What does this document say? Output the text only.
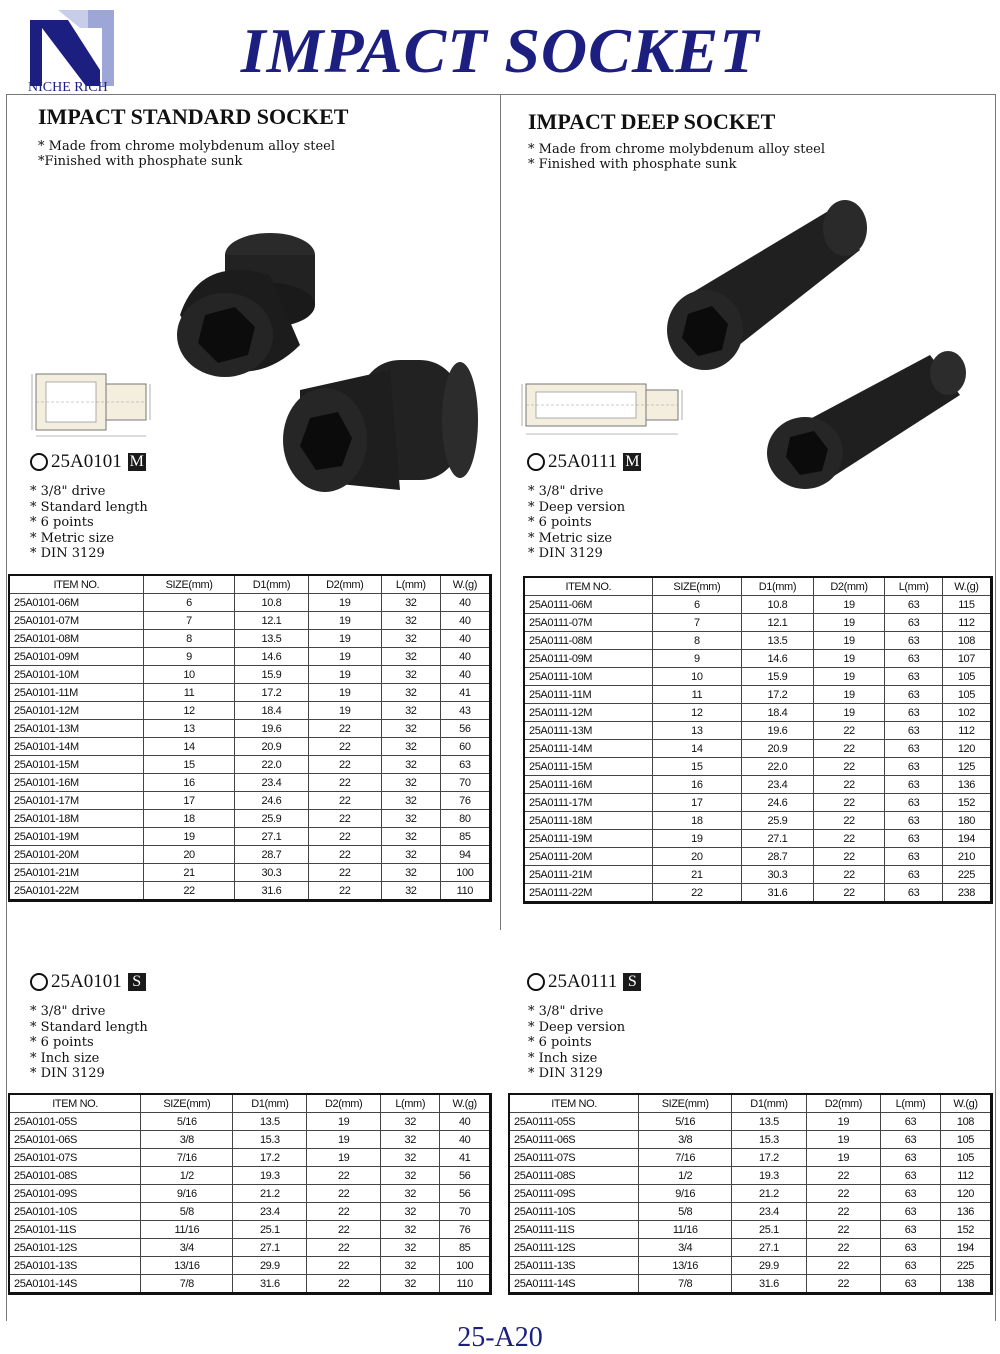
NICHE RICH
IMPACT SOCKET
IMPACT STANDARD SOCKET
* Made from chrome molybdenum alloy steel
*Finished with phosphate sunk
25A0101 M
* 3/8" drive
* Standard length
* 6 points
* Metric size
* DIN 3129
ITEM NO.	SIZE(mm)	D1(mm)	D2(mm)	L(mm)	W.(g)
25A0101-06M	6	10.8	19	32	40
25A0101-07M	7	12.1	19	32	40
25A0101-08M	8	13.5	19	32	40
25A0101-09M	9	14.6	19	32	40
25A0101-10M	10	15.9	19	32	40
25A0101-11M	11	17.2	19	32	41
25A0101-12M	12	18.4	19	32	43
25A0101-13M	13	19.6	22	32	56
25A0101-14M	14	20.9	22	32	60
25A0101-15M	15	22.0	22	32	63
25A0101-16M	16	23.4	22	32	70
25A0101-17M	17	24.6	22	32	76
25A0101-18M	18	25.9	22	32	80
25A0101-19M	19	27.1	22	32	85
25A0101-20M	20	28.7	22	32	94
25A0101-21M	21	30.3	22	32	100
25A0101-22M	22	31.6	22	32	110
25A0101 S
* 3/8" drive
* Standard length
* 6 points
* Inch size
* DIN 3129
ITEM NO.	SIZE(mm)	D1(mm)	D2(mm)	L(mm)	W.(g)
25A0101-05S	5/16	13.5	19	32	40
25A0101-06S	3/8	15.3	19	32	40
25A0101-07S	7/16	17.2	19	32	41
25A0101-08S	1/2	19.3	22	32	56
25A0101-09S	9/16	21.2	22	32	56
25A0101-10S	5/8	23.4	22	32	70
25A0101-11S	11/16	25.1	22	32	76
25A0101-12S	3/4	27.1	22	32	85
25A0101-13S	13/16	29.9	22	32	100
25A0101-14S	7/8	31.6	22	32	110
IMPACT DEEP SOCKET
* Made from chrome molybdenum alloy steel
* Finished with phosphate sunk
25A0111 M
* 3/8" drive
* Deep version
* 6 points
* Metric size
* DIN 3129
ITEM NO.	SIZE(mm)	D1(mm)	D2(mm)	L(mm)	W.(g)
25A0111-06M	6	10.8	19	63	115
25A0111-07M	7	12.1	19	63	112
25A0111-08M	8	13.5	19	63	108
25A0111-09M	9	14.6	19	63	107
25A0111-10M	10	15.9	19	63	105
25A0111-11M	11	17.2	19	63	105
25A0111-12M	12	18.4	19	63	102
25A0111-13M	13	19.6	22	63	112
25A0111-14M	14	20.9	22	63	120
25A0111-15M	15	22.0	22	63	125
25A0111-16M	16	23.4	22	63	136
25A0111-17M	17	24.6	22	63	152
25A0111-18M	18	25.9	22	63	180
25A0111-19M	19	27.1	22	63	194
25A0111-20M	20	28.7	22	63	210
25A0111-21M	21	30.3	22	63	225
25A0111-22M	22	31.6	22	63	238
25A0111 S
* 3/8" drive
* Deep version
* 6 points
* Inch size
* DIN 3129
ITEM NO.	SIZE(mm)	D1(mm)	D2(mm)	L(mm)	W.(g)
25A0111-05S	5/16	13.5	19	63	108
25A0111-06S	3/8	15.3	19	63	105
25A0111-07S	7/16	17.2	19	63	105
25A0111-08S	1/2	19.3	22	63	112
25A0111-09S	9/16	21.2	22	63	120
25A0111-10S	5/8	23.4	22	63	136
25A0111-11S	11/16	25.1	22	63	152
25A0111-12S	3/4	27.1	22	63	194
25A0111-13S	13/16	29.9	22	63	225
25A0111-14S	7/8	31.6	22	63	138
25-A20
